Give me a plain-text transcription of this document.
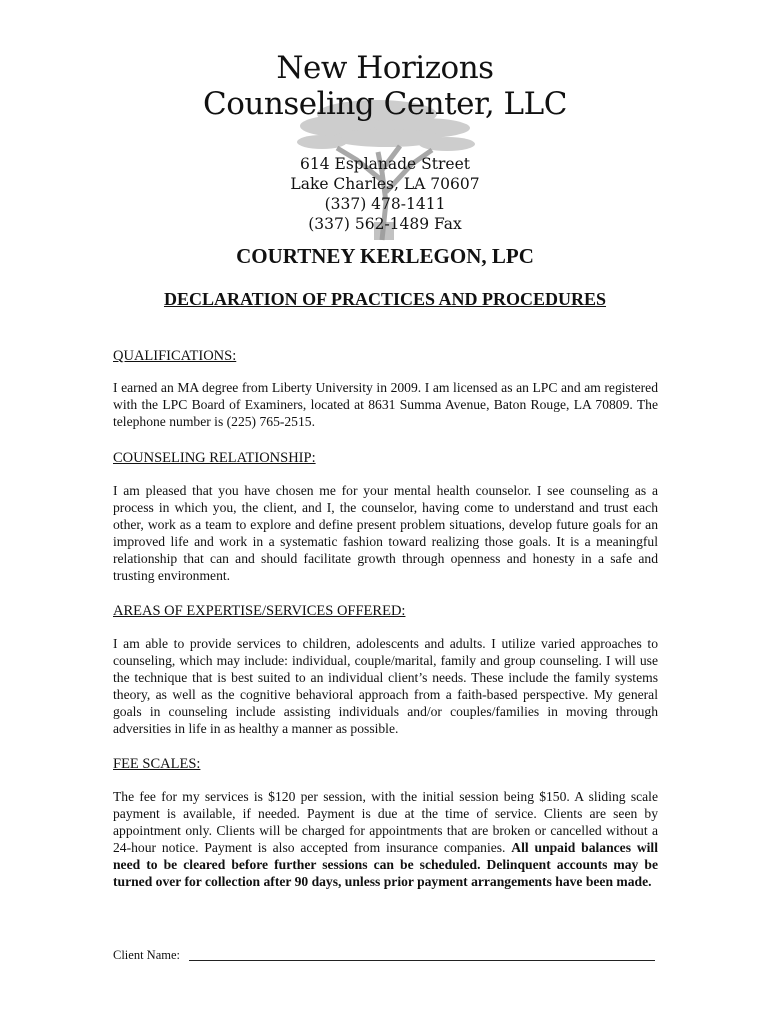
New Horizons
Counseling Center, LLC
614 Esplanade Street
Lake Charles, LA 70607
(337) 478-1411
(337) 562-1489 Fax
COURTNEY KERLEGON, LPC
DECLARATION OF PRACTICES AND PROCEDURES
QUALIFICATIONS:
I earned an MA degree from Liberty University in 2009. I am licensed as an LPC and am registered with the LPC Board of Examiners, located at 8631 Summa Avenue, Baton Rouge, LA 70809. The telephone number is (225) 765-2515.
COUNSELING RELATIONSHIP:
I am pleased that you have chosen me for your mental health counselor. I see counseling as a process in which you, the client, and I, the counselor, having come to understand and trust each other, work as a team to explore and define present problem situations, develop future goals for an improved life and work in a systematic fashion toward realizing those goals. It is a meaningful relationship that can and should facilitate growth through openness and honesty in a safe and trusting environment.
AREAS OF EXPERTISE/SERVICES OFFERED:
I am able to provide services to children, adolescents and adults. I utilize varied approaches to counseling, which may include: individual, couple/marital, family and group counseling. I will use the technique that is best suited to an individual client’s needs. These include the family systems theory, as well as the cognitive behavioral approach from a faith-based perspective. My general goals in counseling include assisting individuals and/or couples/families in moving through adversities in life in as healthy a manner as possible.
FEE SCALES:
The fee for my services is $120 per session, with the initial session being $150. A sliding scale payment is available, if needed. Payment is due at the time of service. Clients are seen by appointment only. Clients will be charged for appointments that are broken or cancelled without a 24-hour notice. Payment is also accepted from insurance companies. All unpaid balances will need to be cleared before further sessions can be scheduled. Delinquent accounts may be turned over for collection after 90 days, unless prior payment arrangements have been made.
Client Name:
